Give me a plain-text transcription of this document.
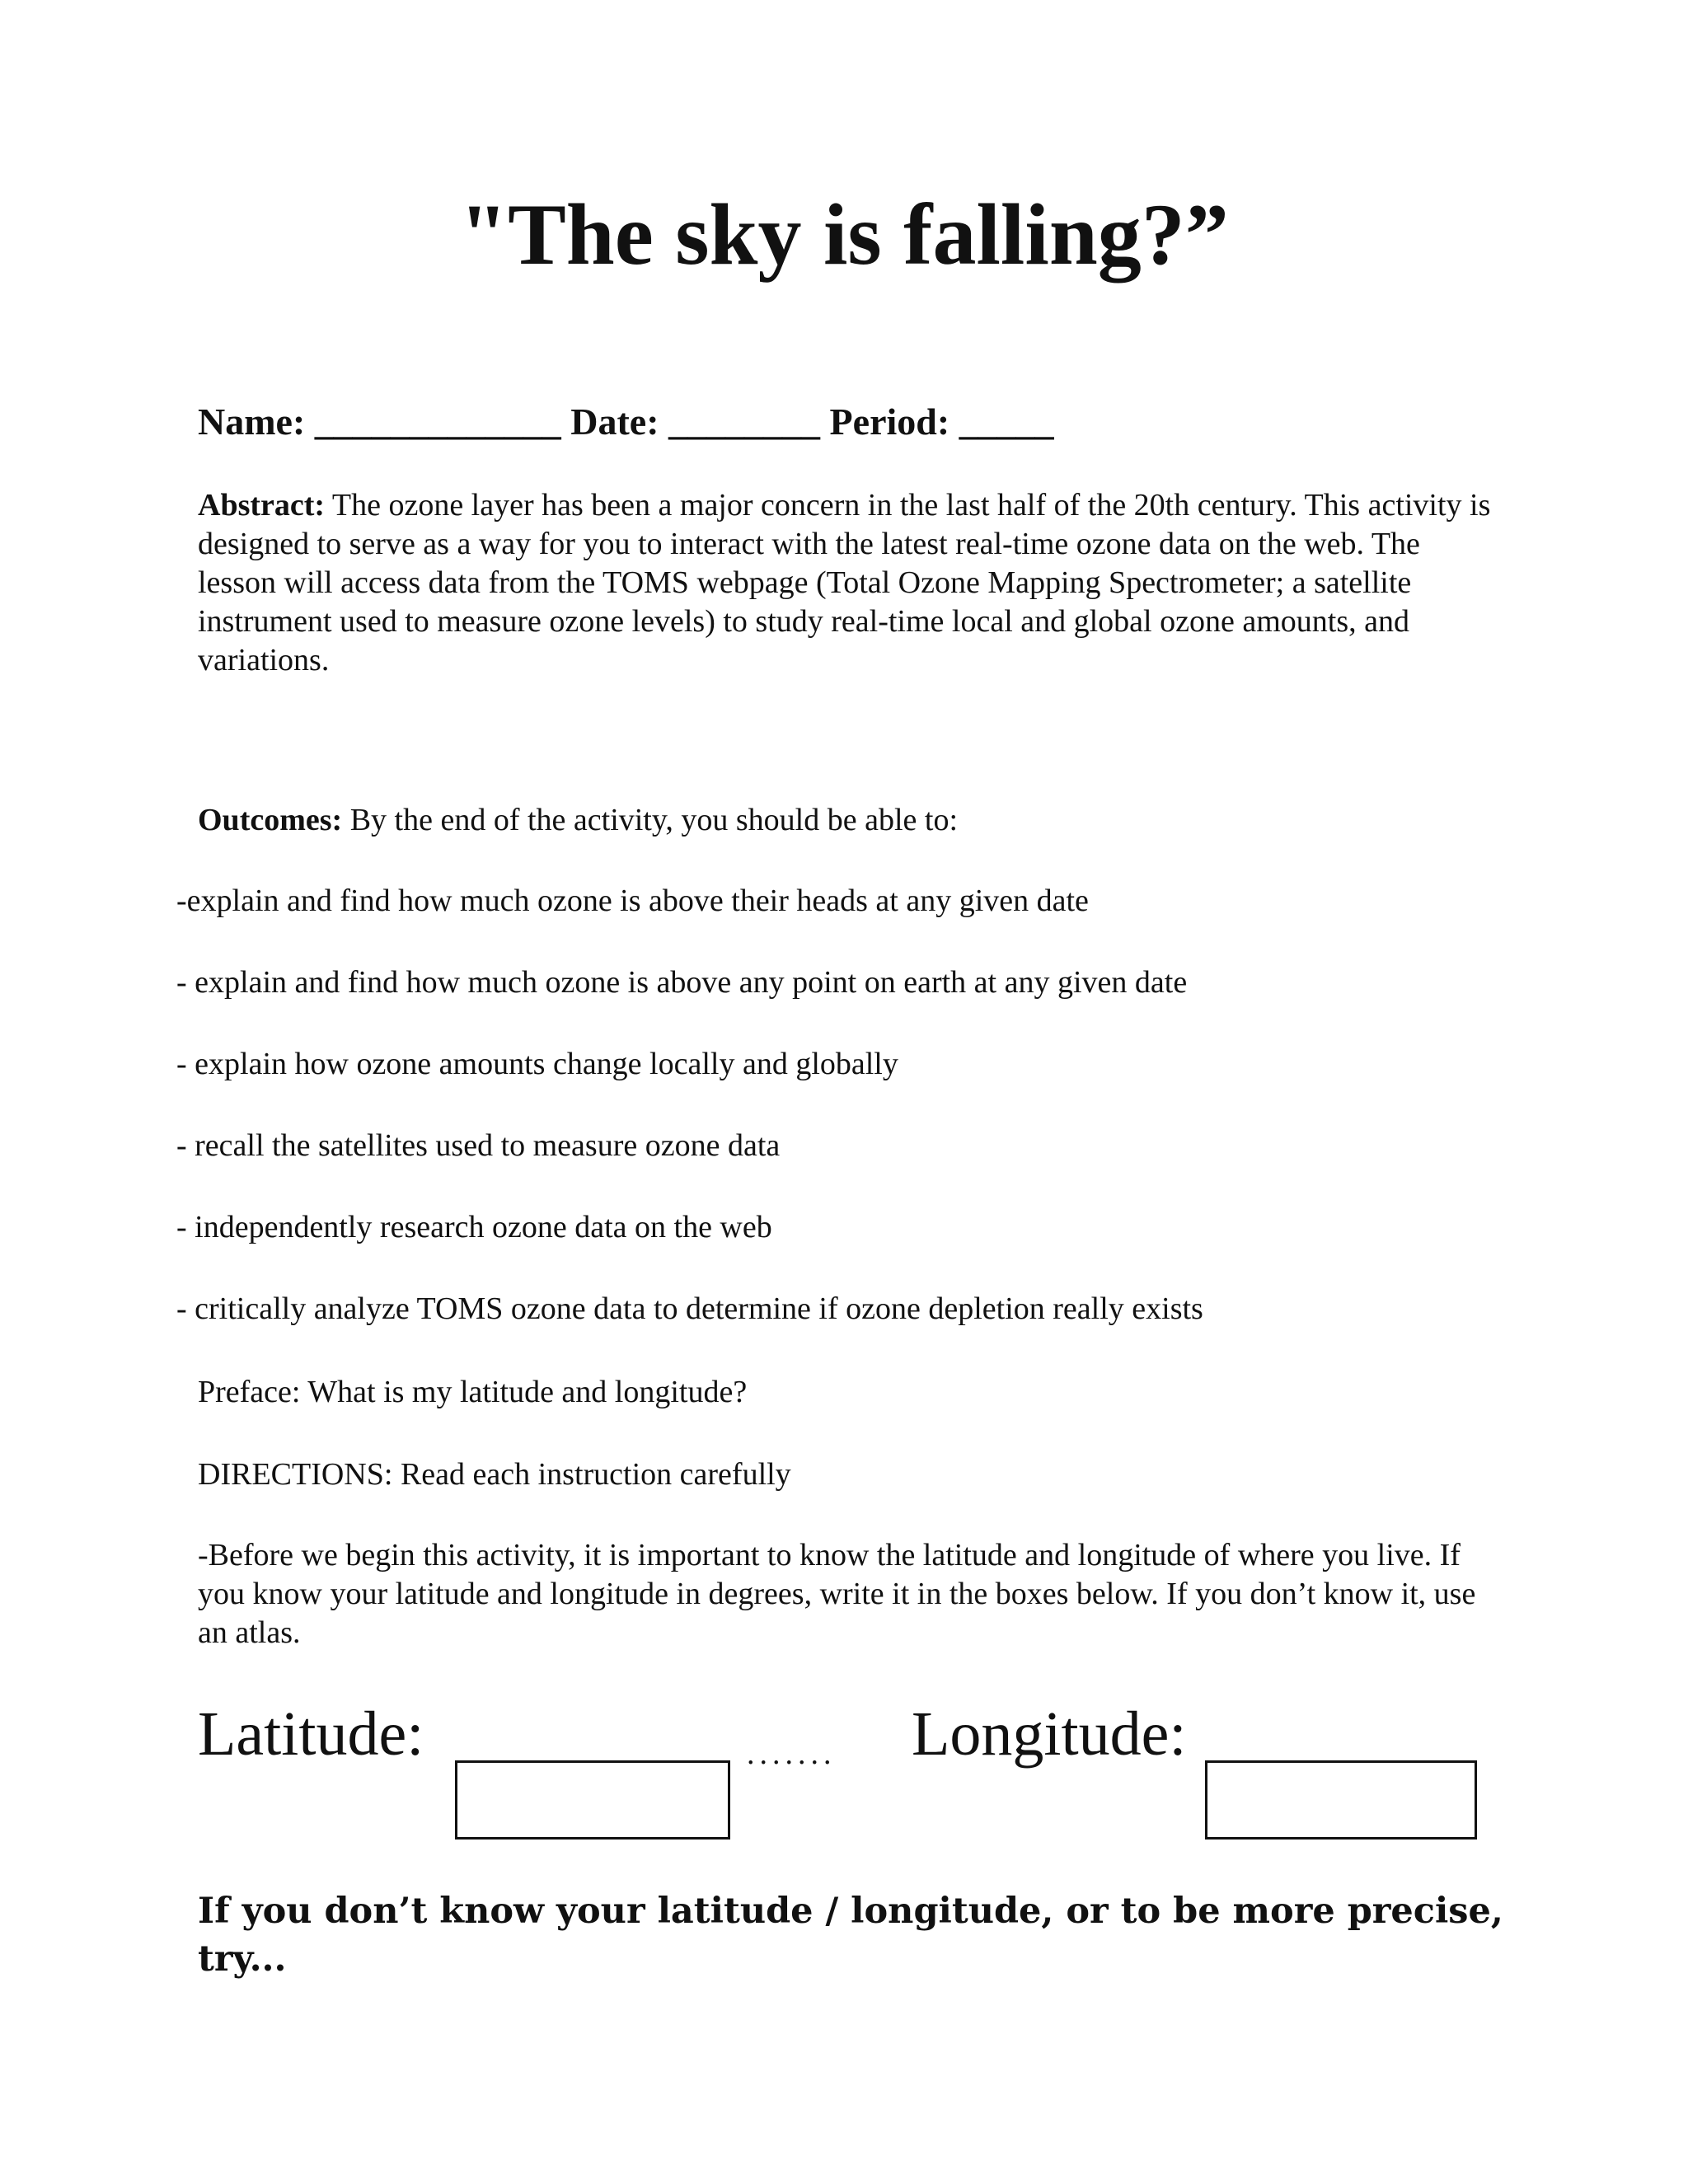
"The sky is falling?”
Name: _____________ Date: ________ Period: _____
Abstract: The ozone layer has been a major concern in the last half of the 20th century. This activity is designed to serve as a way for you to interact with the latest real-time ozone data on the web. The lesson will access data from the TOMS webpage (Total Ozone Mapping Spectrometer; a satellite instrument used to measure ozone levels) to study real-time local and global ozone amounts, and variations.
Outcomes: By the end of the activity, you should be able to:
-explain and find how much ozone is above their heads at any given date
- explain and find how much ozone is above any point on earth at any given date
- explain how ozone amounts change locally and globally
- recall the satellites used to measure ozone data
- independently research ozone data on the web
- critically analyze TOMS ozone data to determine if ozone depletion really exists
Preface: What is my latitude and longitude?
DIRECTIONS: Read each instruction carefully
-Before we begin this activity, it is important to know the latitude and longitude of where you live. If you know your latitude and longitude in degrees, write it in the boxes below. If you don’t know it, use an atlas.
Latitude:	....... Longitude:
If you don’t know your latitude / longitude, or to be more precise, try...
